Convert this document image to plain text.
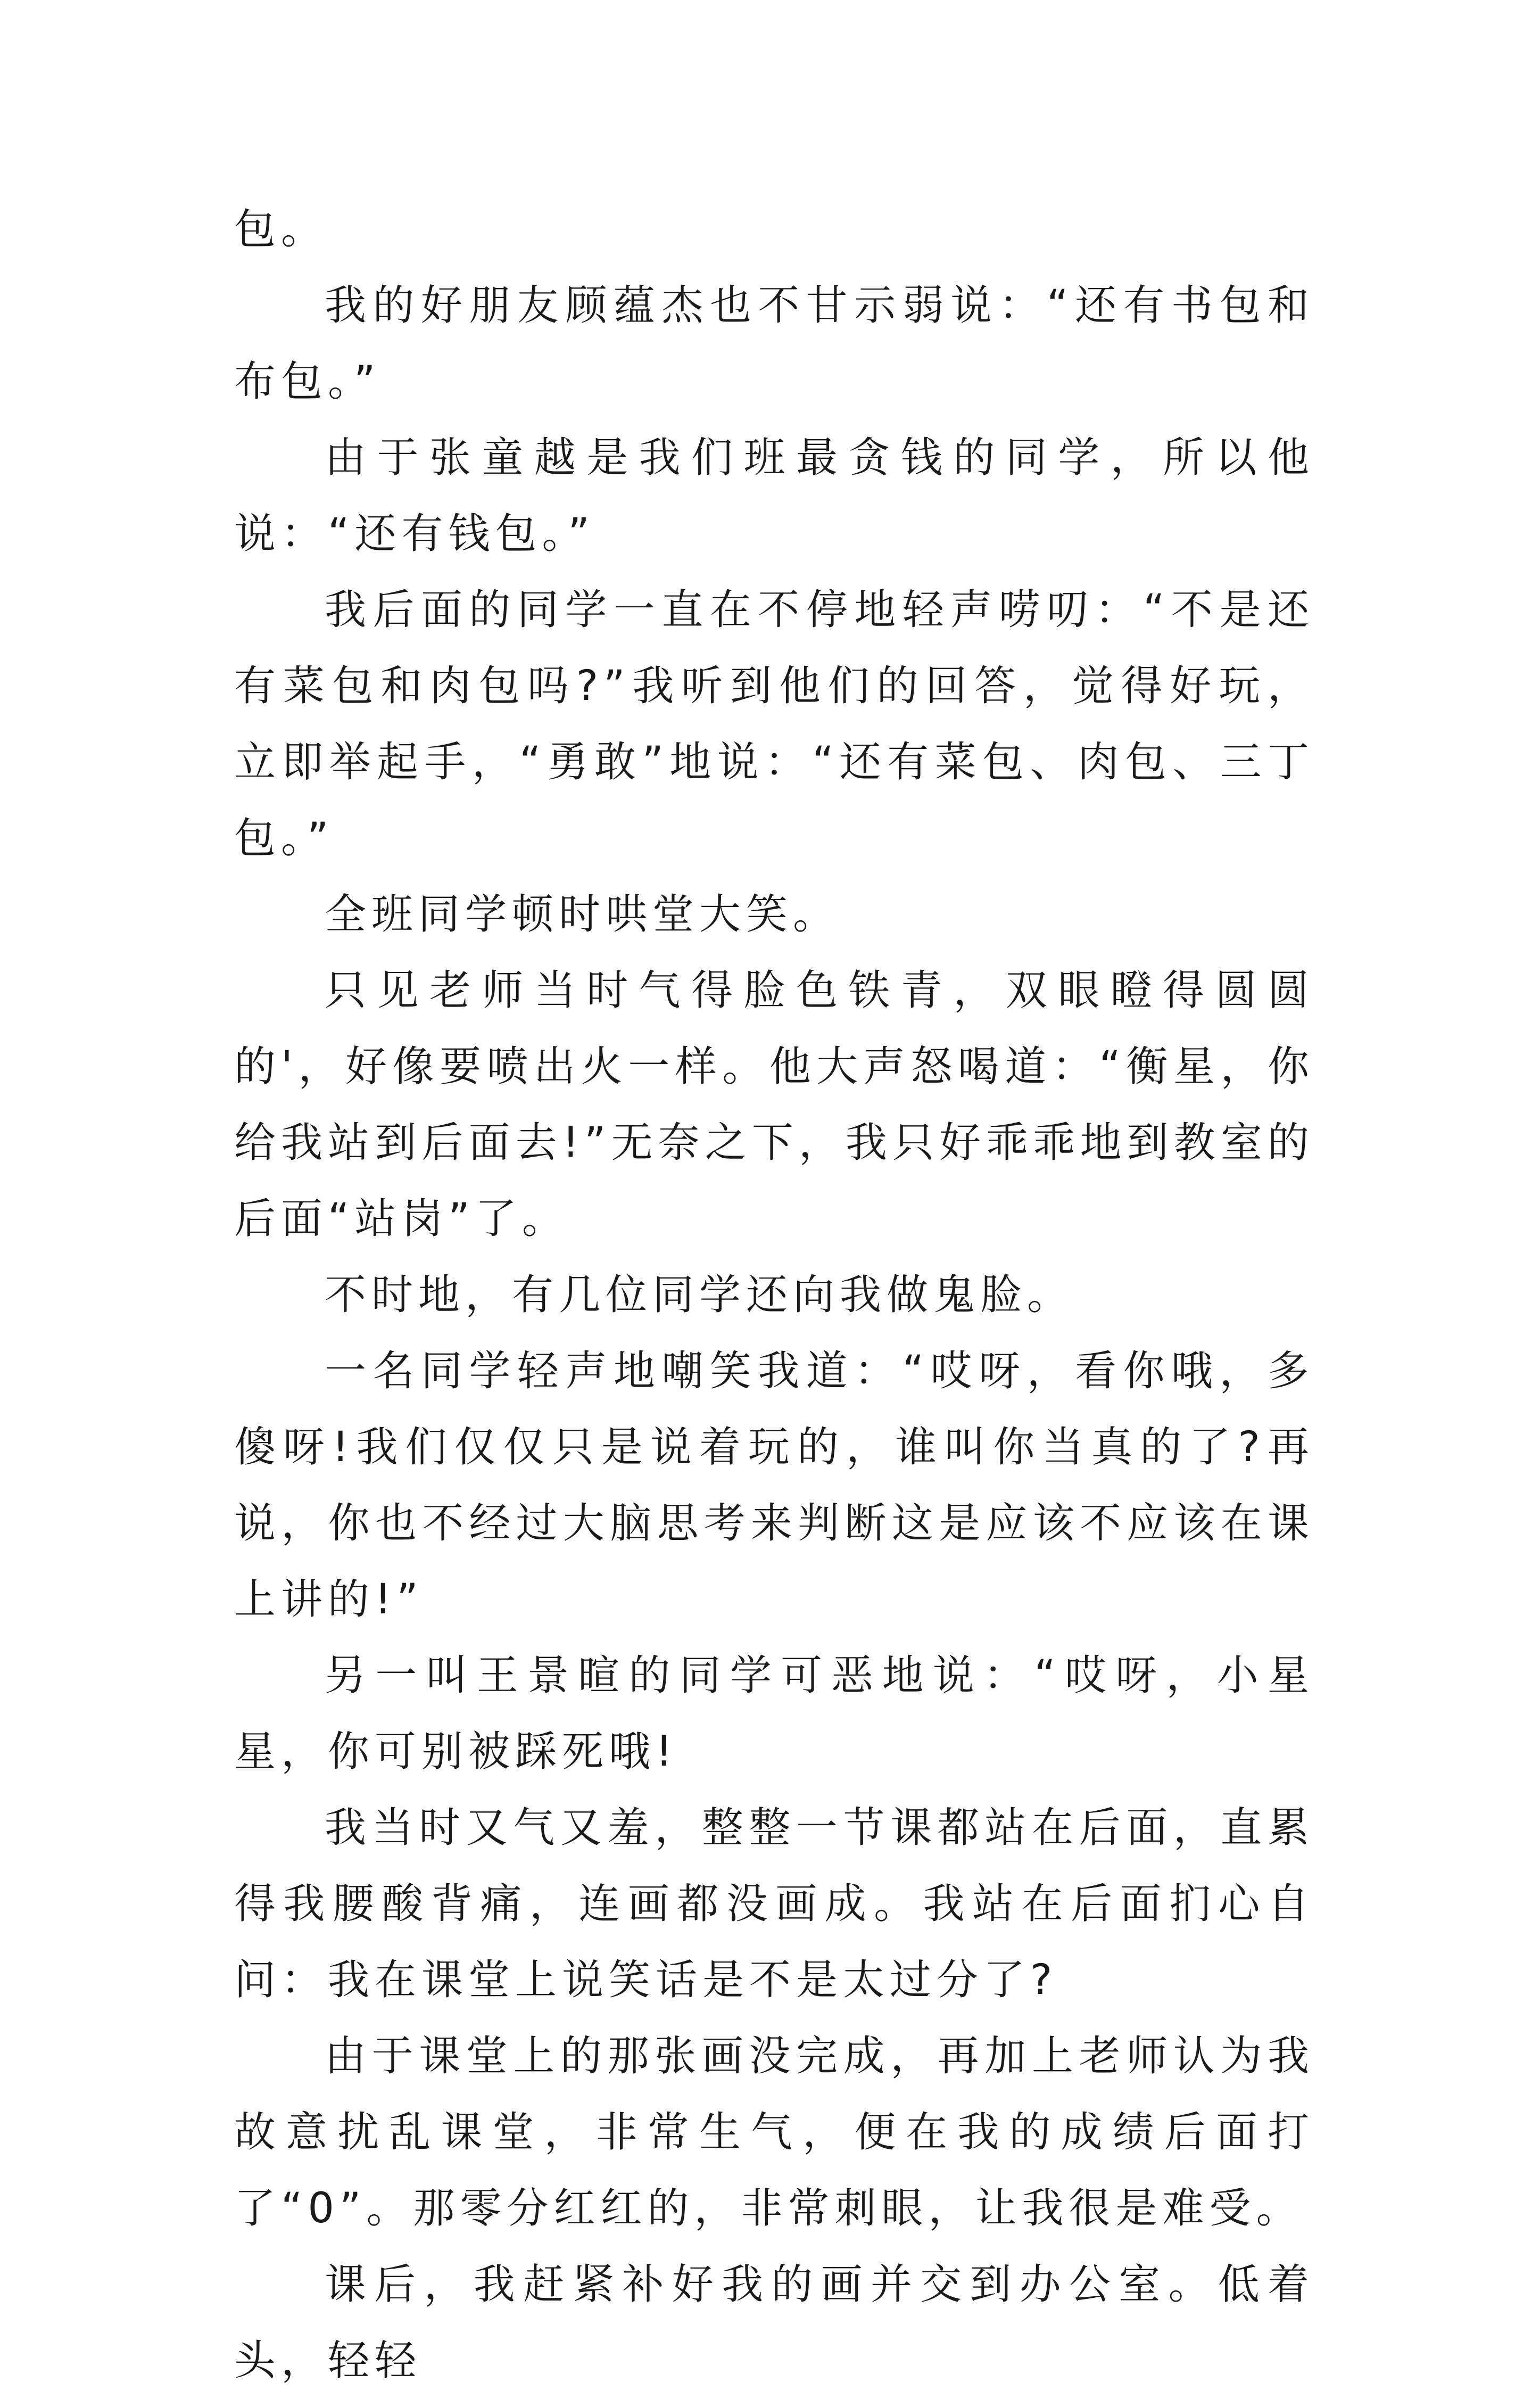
包。

我的好朋友顾蕴杰也不甘示弱说：“还有书包和布包。”

由于张童越是我们班最贪钱的同学，所以他说：“还有钱包。”

我后面的同学一直在不停地轻声唠叨：“不是还有菜包和肉包吗?”我听到他们的回答，觉得好玩，立即举起手，“勇敢”地说：“还有菜包、肉包、三丁包。”

全班同学顿时哄堂大笑。

只见老师当时气得脸色铁青，双眼瞪得圆圆的'，好像要喷出火一样。他大声怒喝道：“衡星，你给我站到后面去!”无奈之下，我只好乖乖地到教室的后面“站岗”了。

不时地，有几位同学还向我做鬼脸。

一名同学轻声地嘲笑我道：“哎呀，看你哦，多傻呀!我们仅仅只是说着玩的，谁叫你当真的了?再说，你也不经过大脑思考来判断这是应该不应该在课上讲的!”

另一叫王景暄的同学可恶地说：“哎呀，小星星，你可别被踩死哦!

我当时又气又羞，整整一节课都站在后面，直累得我腰酸背痛，连画都没画成。我站在后面扪心自问：我在课堂上说笑话是不是太过分了?

由于课堂上的那张画没完成，再加上老师认为我故意扰乱课堂，非常生气，便在我的成绩后面打了“0”。那零分红红的，非常刺眼，让我很是难受。

课后，我赶紧补好我的画并交到办公室。低着头，轻轻
